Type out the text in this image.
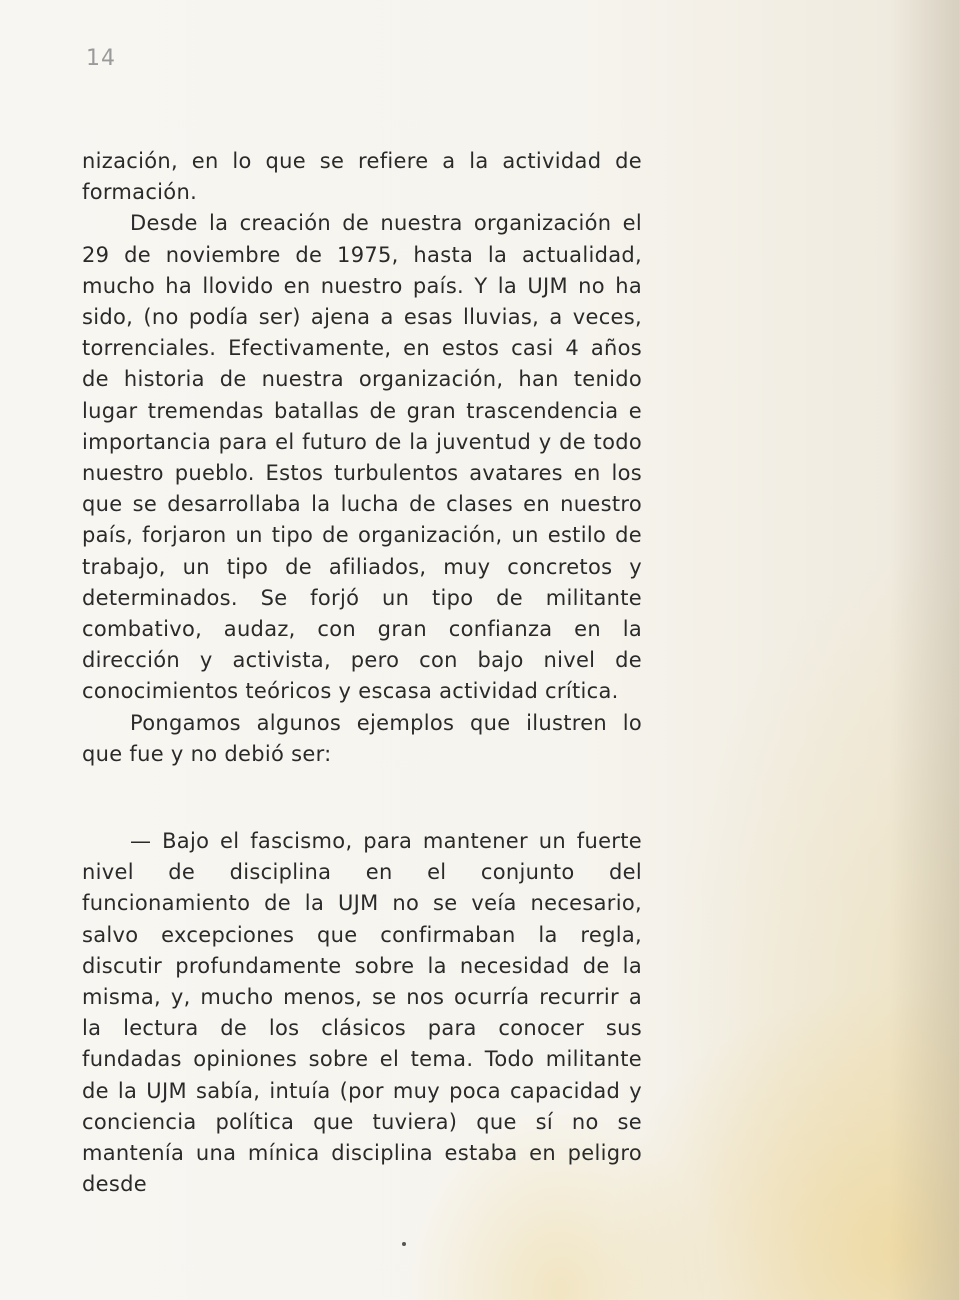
14

nización, en lo que se refiere a la actividad de formación.

Desde la creación de nuestra organización el 29 de noviembre de 1975, hasta la actualidad, mucho ha llovido en nuestro país. Y la UJM no ha sido, (no podía ser) ajena a esas lluvias, a veces, torrenciales. Efectivamente, en estos casi 4 años de historia de nuestra organización, han tenido lugar tremendas batallas de gran trascendencia e importancia para el futuro de la juventud y de todo nuestro pueblo. Estos turbulentos avatares en los que se desarrollaba la lucha de clases en nuestro país, forjaron un tipo de organización, un estilo de trabajo, un tipo de afiliados, muy concretos y determinados. Se forjó un tipo de militante combativo, audaz, con gran confianza en la dirección y activista, pero con bajo nivel de conocimientos teóricos y escasa actividad crítica.

Pongamos algunos ejemplos que ilustren lo que fue y no debió ser:

— Bajo el fascismo, para mantener un fuerte nivel de disciplina en el conjunto del funcionamiento de la UJM no se veía necesario, salvo excepciones que confirmaban la regla, discutir profundamente sobre la necesidad de la misma, y, mucho menos, se nos ocurría recurrir a la lectura de los clásicos para conocer sus fundadas opiniones sobre el tema. Todo militante de la UJM sabía, intuía (por muy poca capacidad y conciencia política que tuviera) que sí no se mantenía una mínica disciplina estaba en peligro desde
